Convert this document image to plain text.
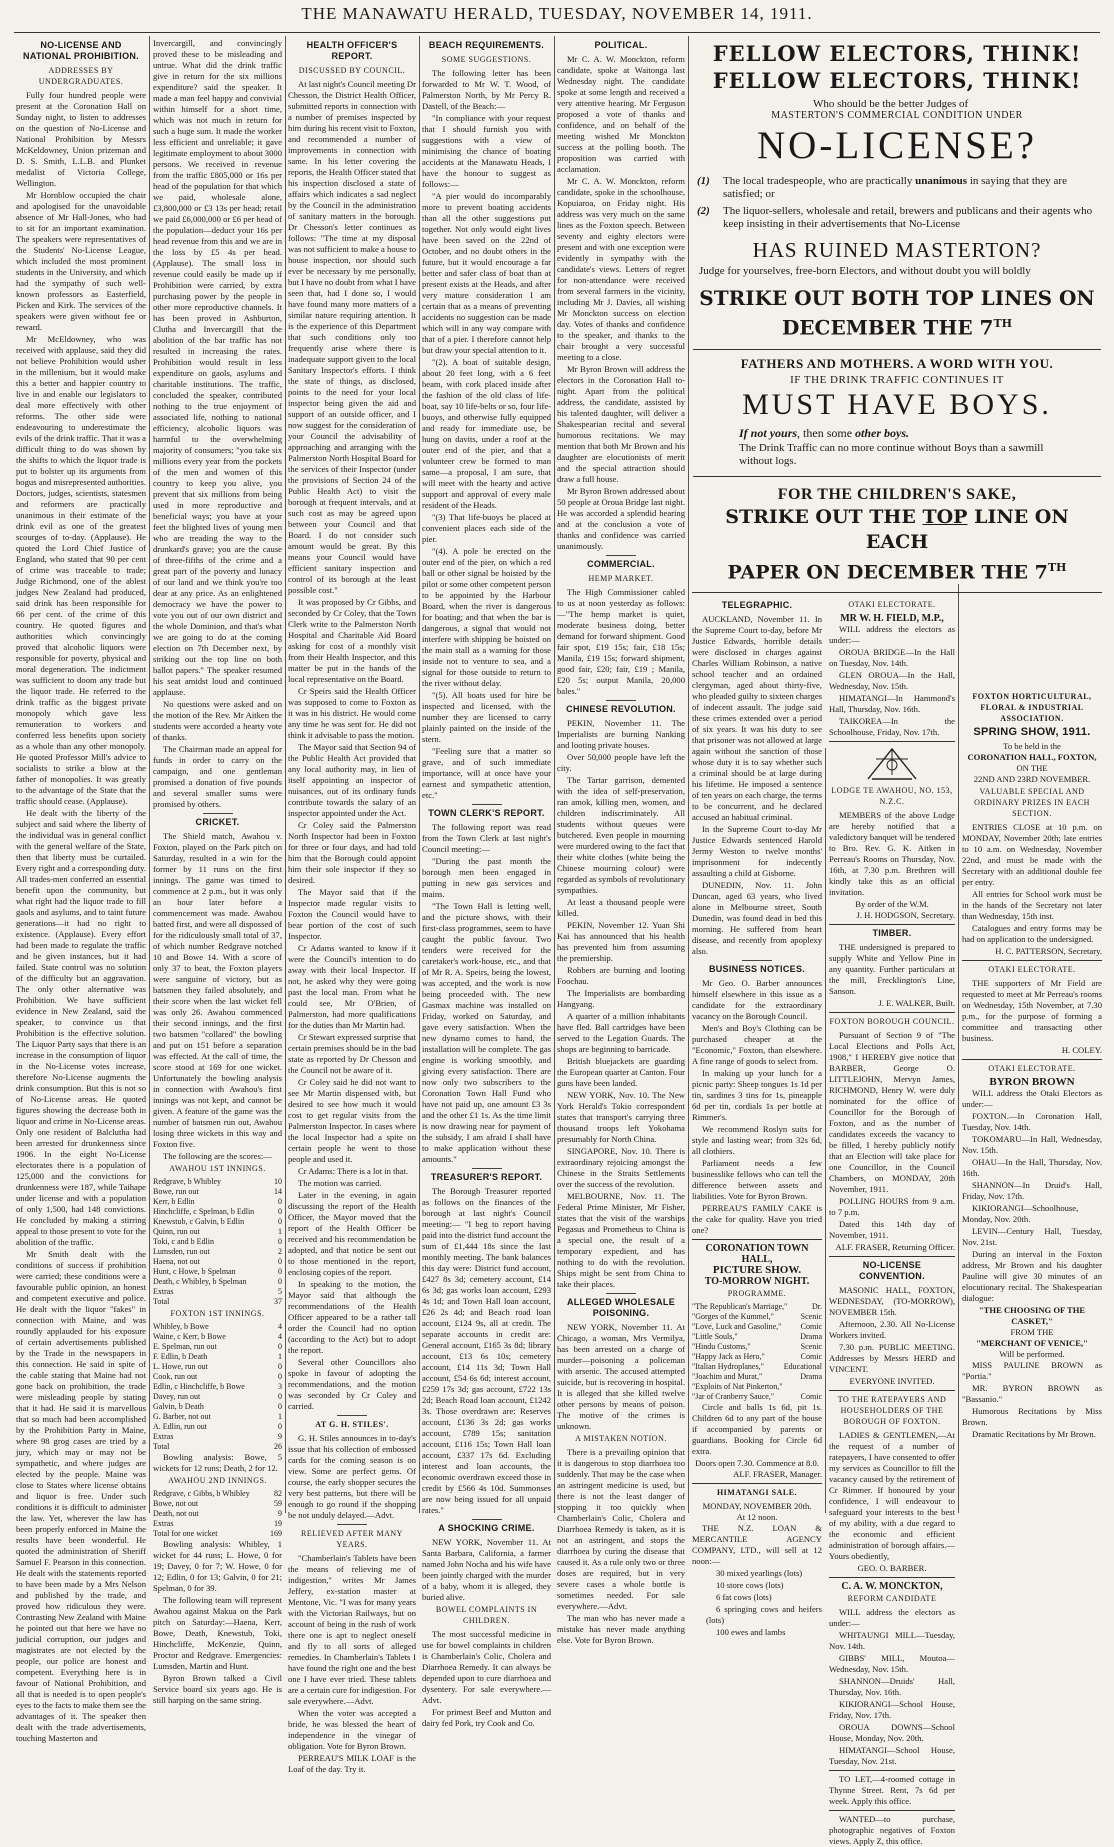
THE MANAWATU HERALD, TUESDAY, NOVEMBER 14, 1911.
NO-LICENSE AND NATIONAL PROHIBITION.
ADDRESSES BY UNDERGRADUATES.

Fully four hundred people were present at the Coronation Hall on Sunday night, to listen to addresses on the question of No-License and National Prohibition by Messrs McKeldowney, Union prizeman and D. S. Smith, L.L.B. and Plunket medalist of Victoria College, Wellington.

Mr Hornblow occupied the chair and apologised for the unavoidable absence of Mr Hall-Jones, who had to sit for an important examination. The speakers were representatives of the Students' No-License League, which included the most prominent students in the University, and which had the sympathy of such well-known professors as Easterfield, Picken and Kirk. The services of the speakers were given without fee or reward.

Mr McEldowney, who was received with applause, said they did not believe Prohibition would usher in the millenium, but it would make this a better and happier country to live in and enable our legislators to deal more effectively with other reforms. The other side were endeavouring to underestimate the evils of the drink traffic. That it was a difficult thing to do was shown by the shifts to which the liquor trade is put to bolster up its arguments from bogus and misrepresented authorities. Doctors, judges, scientists, statesmen and reformers are practically unanimous in their estimate of the drink evil as one of the greatest scourges of to-day. (Applause). He quoted the Lord Chief Justice of England, who stated that 90 per cent of crime was traceable to trade; Judge Richmond, one of the ablest judges New Zealand had produced, said drink has been responsible for 66 per cent. of the crime of this country. He quoted figures and authorities which convincingly proved that alcoholic liquors were responsible for poverty, physical and moral degeneration. The indictment was sufficient to doom any trade but the liquor trade. He referred to the drink traffic as the biggest private monopoly which gave less remuneration to workers and conferred less benefits upon society as a whole than any other monopoly. He quoted Professor Mill's advice to socialists to strike a blow at the father of monopolies. It was greatly to the advantage of the State that the traffic should cease. (Applause).

He dealt with the liberty of the subject and said where the liberty of the individual was in general conflict with the general welfare of the State, then that liberty must be curtailed. Every right and a corresponding duty. All trades-men conferred an essential benefit upon the community, but what right had the liquor trade to fill gaols and asylums, and to taint future generations—it had no right to existence. (Applause). Every effort had been made to regulate the traffic and be given instances, but it had failed. State control was no solution of the difficulty but an aggravation. The only other alternative was Prohibition. We have sufficient evidence in New Zealand, said the speaker, to convince us that Prohibition is the effective solution. The Liquor Party says that there is an increase in the consumption of liquor in the No-License votes increase, therefore No-License augments the drink consumption. But this is not so of No-License areas. He quoted figures showing the decrease both in liquor and crime in No-License areas. Only one resident of Balclutha had been arrested for drunkenness since 1906. In the eight No-License electorates there is a population of 125,000 and the convictions for drunkenness were 187, while Taihape under license and with a population of only 1,500, had 148 convictions. He concluded by making a stirring appeal to those present to vote for the abolition of the traffic.

Mr Smith dealt with the conditions of success if prohibition were carried; these conditions were a favourable public opinion, an honest and competent executive and police. He dealt with the liquor "fakes" in connection with Maine, and was roundly applauded for his exposure of certain advertisements published by the Trade in the newspapers in this connection. He said in spite of the cable stating that Maine had not gone back on prohibition, the trade were misleading people by stating that it had. He said it is marvellous that so much had been accomplished by the Prohibition Party in Maine, where 98 grog cases are tried by a jury, which may or may not be sympathetic, and where judges are elected by the people. Maine was close to States where license obtains and liquor is free. Under such conditions it is difficult to administer the law. Yet, wherever the law has been properly enforced in Maine the results have been wonderful. He quoted the administration of Sheriff Samuel F. Pearson in this connection. He dealt with the statements reported to have been made by a Mrs Nelson and published by the trade, and proved how ridiculous they were. Contrasting New Zealand with Maine he pointed out that here we have no judicial corruption, our judges and magistrates are not elected by the people, our police are honest and competent. Everything here is in favour of National Prohibition, and all that is needed is to open people's eyes to the facts to make them see the advantages of it. The speaker then dealt with the trade advertisements, touching Masterton and

Invercargill, and convincingly proved these to be misleading and untrue. What did the drink traffic give in return for the six millions expenditure? said the speaker. It made a man feel happy and convivial within himself for a short time, which was not much in return for such a huge sum. It made the worker less efficient and unreliable; it gave legitimate employment to about 3000 persons. We received in revenue from the traffic £805,000 or 16s per head of the population for that which we paid, wholesale alone, £3,800,000 or £3 13s per head; retail we paid £6,000,000 or £6 per head of the population—deduct your 16s per head revenue from this and we are in the loss by £5 4s per head. (Applause). The small loss in revenue could easily be made up if Prohibition were carried, by extra purchasing power by the people in other more reproductive channels. It has been proved in Ashburton, Clutha and Invercargill that the abolition of the bar traffic has not resulted in increasing the rates. Prohibition would result in less expenditure on gaols, asylums and charitable institutions. The traffic, concluded the speaker, contributed nothing to the true enjoyment of associated life, nothing to national efficiency, alcoholic liquors was harmful to the overwhelming majority of consumers; "you take six millions every year from the pockets of the men and women of this country to keep you alive, you prevent that six millions from being used in more reproductive and beneficial ways; you have at your feet the blighted lives of young men who are treading the way to the drunkard's grave; you are the cause of three-fifths of the crime and a great part of the poverty and lunacy of our land and we think you're too dear at any price. As an enlightened democracy we have the power to vote you out of our own district and the whole Dominion, and that's what we are going to do at the coming election on 7th December next, by striking out the top line on both ballot papers." The speaker resumed his seat amidst loud and continued applause.

No questions were asked and on the motion of the Rev. Mr Aitken the students were accorded a hearty vote of thanks.

The Chairman made an appeal for funds in order to carry on the campaign, and one gentleman promised a donation of five pounds and several smaller sums were promised by others.

CRICKET.

The Shield match, Awahou v. Foxton, played on the Park pitch on Saturday, resulted in a win for the former by 11 runs on the first innings. The game was timed to commence at 2 p.m., but it was only an hour later before a commencement was made. Awahou batted first, and were all dispossed of for the ridiculously small total of 37, of which number Redgrave notched 10 and Bowe 14. With a score of only 37 to beat, the Foxton players were sanguine of victory, but as batsmen they failed absolutely, and their score when the last wicket fell was only 26. Awahou commenced their second innings, and the first two batsmen "collared" the bowling and put on 151 before a separation was effected. At the call of time, the score stood at 169 for one wicket. Unfortunately the bowling analysis in connection with Awahou's first innings was not kept, and cannot be given. A feature of the game was the number of batsmen run out, Awahou losing three wickets in this way and Foxton five.

The following are the scores:—

AWAHOU 1ST INNINGS.
Redgrave, b Whibley	10
Bowe, run out	14
Kerr, b Edlin	0
Hinchcliffe, c Spelman, b Edlin	0
Knewstub, c Galvin, b Edlin	0
Quinn, run out	1
Toki, c and b Edlin	0
Lumsden, run out	2
Haena, not out	0
Hunt, c Howe, b Spelman	0
Death, c Whibley, b Spelman	0
Extras	5
Total	37
FOXTON 1ST INNINGS.
Whibley, b Bowe	4
Waine, c Kerr, b Bowe	4
E. Spelman, run out	0
F. Edlin, b Death	1
L. Howe, run out	0
Cook, run out	0
Edlin, c Hinchcliffe, b Bowe	3
Davey, run out	0
Galvin, b Death	0
G. Barber, not out	1
A. Edlin, run out	0
Extras	9
Total	26

Bowling analysis: Bowe, 5 wickets for 12 runs; Death, 2 for 12.

AWAHOU 2ND INNINGS.
Redgrave, c Gibbs, b Whibley	82
Bowe, not out	59
Death, not out	9
Extras	19
Total for one wicket	169

Bowling analysis: Whibley, 1 wicket for 44 runs; L. Howe, 0 for 19; Davey, 0 for 7; W. Howe, 0 for 12; Edlin, 0 for 13; Galvin, 0 for 21; Spelman, 0 for 39.

The following team will represent Awahou against Makua on the Park pitch on Saturday:—Haena, Kerr, Bowe, Death, Knewstub, Toki, Hinchcliffe, McKenzie, Quinn, Proctor and Redgrave. Emergencies: Lumsden, Martin and Hunt.

Byron Brown talked a Civil Service board six years ago. He is still harping on the same string.

HEALTH OFFICER'S REPORT.
DISCUSSED BY COUNCIL.

At last night's Council meeting Dr Chesson, the District Health Officer, submitted reports in connection with a number of premises inspected by him during his recent visit to Foxton, and recommended a number of improvements in connection with same. In his letter covering the reports, the Health Officer stated that his inspection disclosed a state of affairs which indicates a sad neglect by the Council in the administration of sanitary matters in the borough. Dr Chesson's letter continues as follows: "The time at my disposal was not sufficient to make a house to house inspection, nor should such ever be necessary by me personally, but I have no doubt from what I have seen that, had I done so, I would have found many more matters of a similar nature requiring attention. It is the experience of this Department that such conditions only too frequently arise where there is inadequate support given to the local Sanitary Inspector's efforts. I think the state of things, as disclosed, points to the need for your local inspector being given the aid and support of an outside officer, and I now suggest for the consideration of your Council the advisability of approaching and arranging with the Palmerston North Hospital Board for the services of their Inspector (under the provisions of Section 24 of the Public Health Act) to visit the borough at frequent intervals, and at such cost as may be agreed upon between your Council and that Board. I do not consider such amount would be great. By this means your Council would have efficient sanitary inspection and control of its borough at the least possible cost."

It was proposed by Cr Gibbs, and seconded by Cr Coley, that the Town Clerk write to the Palmerston North Hospital and Charitable Aid Board asking for cost of a monthly visit from their Health Inspector, and this matter be put in the hands of the local representative on the Board.

Cr Speirs said the Health Officer was supposed to come to Foxton as it was in his district. He would come any time he was sent for. He did not think it advisable to pass the motion.

The Mayor said that Section 94 of the Public Health Act provided that any local authority may, in lieu of itself appointing an inspector of nuisances, out of its ordinary funds contribute towards the salary of an inspector appointed under the Act.

Cr Coley said the Palmerston North Inspector had been in Foxton for three or four days, and had told him that the Borough could appoint him their sole inspector if they so desired.

The Mayor said that if the Inspector made regular visits to Foxton the Council would have to bear portion of the cost of such Inspector.

Cr Adams wanted to know if it were the Council's intention to do away with their local Inspector. If not, he asked why they were going past the local man. From what he could see, Mr O'Brien, of Palmerston, had more qualifications for the duties than Mr Martin had.

Cr Stewart expressed surprise that certain premises should be in the bad state as reported by Dr Chesson and the Council not be aware of it.

Cr Coley said he did not want to see Mr Martin dispensed with, but desired to see how much it would cost to get regular visits from the Palmerston Inspector. In cases where the local Inspector had a spite on certain people he went to those people and used it.

Cr Adams: There is a lot in that.

The motion was carried.

Later in the evening, in again discussing the report of the Health Officer, the Mayor moved that the report of the Health Officer be received and his recommendation be adopted, and that notice be sent out to those mentioned in the report, enclosing copies of the report.

In speaking to the motion, the Mayor said that although the recommendations of the Health Officer appeared to be a rather tall order the Council had no option (according to the Act) but to adopt the report.

Several other Councillors also spoke in favour of adopting the recommendations, and the motion was seconded by Cr Coley and carried.

AT G. H. STILES'.

G. H. Stiles announces in to-day's issue that his collection of embossed cards for the coming season is on view. Some are perfect gems. Of course, the early shopper secures the very best patterns, but there will be enough to go round if the shopping be not unduly delayed.—Advt.

RELIEVED AFTER MANY YEARS.

"Chamberlain's Tablets have been the means of relieving me of indigestion," writes Mr James Jeffery, ex-station master at Mentone, Vic. "I was for many years with the Victorian Railways, but on account of being in the rush of work there one is apt to neglect oneself and fly to all sorts of alleged remedies. In Chamberlain's Tablets I have found the right one and the best one I have ever tried. These tablets are a certain cure for indigestion. For sale everywhere.—Advt.

When the voter was accepted a bride, he was blessed the heart of independence in the vinegar of obligation. Vote for Byron Brown.

PERREAU'S MILK LOAF is the Loaf of the day. Try it.

BEACH REQUIREMENTS.
SOME SUGGESTIONS.

The following letter has been forwarded to Mr W. T. Wood, of Palmerston North, by Mr Percy R. Dastell, of the Beach:—

"In compliance with your request that I should furnish you with suggestions with a view of minimising the chance of boating accidents at the Manawatu Heads, I have the honour to suggest as follows:—

"A pier would do incomparably more to prevent boating accidents than all the other suggestions put together. Not only would eight lives have been saved on the 22nd of October, and no doubt others in the future, but it would encourage a far better and safer class of boat than at present exists at the Heads, and after very mature consideration I am certain that as a means of preventing accidents no suggestion can be made which will in any way compare with that of a pier. I therefore cannot help but draw your special attention to it.

"(2). A boat of suitable design, about 20 feet long, with a 6 feet beam, with cork placed inside after the fashion of the old class of life-boat, say 10 life-belts or so, four life-buoys, and otherwise fully equipped and ready for immediate use, be hung on davits, under a roof at the outer end of the pier, and that a volunteer crew be formed to man same—a proposal, I am sure, that will meet with the hearty and active support and approval of every male resident of the Heads.

"(3) That life-buoys be placed at convenient places each side of the pier.

"(4). A pole be erected on the outer end of the pier, on which a red ball or other signal be hoisted by the pilot or some other competent person to be appointed by the Harbour Board, when the river is dangerous for boating; and that when the bar is dangerous, a signal that would not interfere with shipping be hoisted on the main stall as a warning for those inside not to venture to sea, and a signal for those outside to return to the river without delay.

"(5). All boats used for hire be inspected and licensed, with the number they are licensed to carry plainly painted on the inside of the stern.

"Feeling sure that a matter so grave, and of such immediate importance, will at once have your earnest and sympathetic attention, etc."

TOWN CLERK'S REPORT.

The following report was read from the Town Clerk at last night's Council meeting:—

"During the past month the borough men been engaged in putting in new gas services and mains.

"The Town Hall is letting well, and the picture shows, with their first-class programmes, seem to have caught the public favour. Two tenders were received for the caretaker's work-house, etc., and that of Mr R. A. Speirs, being the lowest, was accepted, and the work is now being proceeded with. The new Gasmax machine was installed on Friday, worked on Saturday, and gave every satisfaction. When the new dynamo comes to hand, the installation will be complete. The gas engine is working smoothly, and giving every satisfaction. There are now only two subscribers to the Coronation Town Hall Fund who have not paid up, one amount £3 3s and the other £1 1s. As the time limit is now drawing near for payment of the subsidy, I am afraid I shall have to make application without these amounts."

TREASURER'S REPORT.

The Borough Treasurer reported as follows on the finances of the borough at last night's Council meeting:— "I beg to report having paid into the district fund account the sum of £1,444 18s since the last monthly meeting. The bank balances this day were: District fund account, £427 8s 3d; cemetery account, £14 6s 3d; gas works loan account, £293 4s 1d; and Town Hall loan account, £26 2s 4d; and Beach road loan account, £124 9s, all at credit. The separate accounts in credit are: General account, £165 3s 8d; library account, £13 6s 10s; cemetery account, £14 11s 3d; Town Hall account, £54 6s 6d; interest account, £259 17s 3d; gas account, £722 13s 2d; Beach Road loan account, £1242 3s. Those overdrawn are: Reserves account, £136 3s 2d; gas works account, £789 15s; sanitation account, £116 15s; Town Hall loan account, £337 17s 6d. Excluding interest and loan accounts, the economic overdrawn exceed those in credit by £566 4s 10d. Summonses are now being issued for all unpaid rates."

A SHOCKING CRIME.

NEW YORK, November 11. At Santa Barbara, California, a farmer named John Nocha and his wife have been jointly charged with the murder of a baby, whom it is alleged, they buried alive.

BOWEL COMPLAINTS IN CHILDREN.

The most successful medicine in use for bowel complaints in children is Chamberlain's Colic, Cholera and Diarrhoea Remedy. It can always be depended upon to cure diarrhoea and dysentery. For sale everywhere.—Advt.

For primest Beef and Mutton and dairy fed Pork, try Cook and Co.

POLITICAL.

Mr C. A. W. Monckton, reform candidate, spoke at Waitonga last Wednesday night. The candidate spoke at some length and received a very attentive hearing. Mr Ferguson proposed a vote of thanks and confidence, and on behalf of the meeting wished Mr Monckton success at the polling booth. The proposition was carried with acclamation.

Mr C. A. W. Monckton, reform candidate, spoke in the schoolhouse, Kopuiaroa, on Friday night. His address was very much on the same lines as the Foxton speech. Between seventy and eighty electors were present and with one exception were evidently in sympathy with the candidate's views. Letters of regret for non-attendance were received from several farmers in the vicinity, including Mr J. Davies, all wishing Mr Monckton success on election day. Votes of thanks and confidence to the speaker, and thanks to the chair brought a very successful meeting to a close.

Mr Byron Brown will address the electors in the Coronation Hall to-night. Apart from the political address, the candidate, assisted by his talented daughter, will deliver a Shakespearian recital and several humorous recitations. We may mention that both Mr Brown and his daughter are elocutionists of merit and the special attraction should draw a full house.

Mr Byron Brown addressed about 50 people at Oroua Bridge last night. He was accorded a splendid hearing and at the conclusion a vote of thanks and confidence was carried unanimously.

COMMERCIAL.
HEMP MARKET.

The High Commissioner cabled to us at noon yesterday as follows:—"The hemp market is quiet, moderate business doing, better demand for forward shipment. Good fair spot, £19 15s; fair, £18 15s; Manila, £19 15s; forward shipment, good fair, £20; fair, £19 ; Manila, £20 5s; output Manila, 20,000 bales."

CHINESE REVOLUTION.

PEKIN, November 11. The Imperialists are burning Nanking and looting private houses.

Over 50,000 people have left the city.

The Tartar garrison, demented with the idea of self-preservation, ran amok, killing men, women, and children indiscriminately. All students without queues were butchered. Even people in mourning were murdered owing to the fact that their white clothes (white being the Chinese mourning colour) were regarded as symbols of revolutionary sympathies.

At least a thousand people were killed.

PEKIN, November 12. Yuan Shi Kai has announced that his health has prevented him from assuming the premiership.

Robbers are burning and looting Foochau.

The Imperialists are bombarding Hangyang.

A quarter of a million inhabitants have fled. Ball cartridges have been served to the Legation Guards. The shops are beginning to barricade.

British bluejackets are guarding the European quarter at Canton. Four guns have been landed.

NEW YORK, Nov. 10. The New York Herald's Tokio correspondent states that transport's carrying three thousand troops left Yokohama presumably for North China.

SINGAPORE, Nov. 10. There is extraordinary rejoicing amongst the Chinese in the Straits Settlements over the success of the revolution.

MELBOURNE, Nov. 11. The Federal Prime Minister, Mr Fisher, states that the visit of the warships Pegasus and Prometheus to China is a special one, the result of a temporary expedient, and has nothing to do with the revolution. Ships might be sent from China to take their places.

ALLEGED WHOLESALE POISONING.

NEW YORK, November 11. At Chicago, a woman, Mrs Vermilya, has been arrested on a charge of murder—poisoning a policeman with arsenic. The accused attempted suicide, but is recovering in hospital. It is alleged that she killed twelve other persons by means of poison. The motive of the crimes is unknown.

A MISTAKEN NOTION.

There is a prevailing opinion that it is dangerous to stop diarrhoea too suddenly. That may be the case when an astringent medicine is used, but there is not the least danger of stopping it too quickly when Chamberlain's Colic, Cholera and Diarrhoea Remedy is taken, as it is not an astringent, and stops the diarrhoea by curing the disease that caused it. As a rule only two or three doses are required, but in very severe cases a whole bottle is sometimes needed. For sale everywhere.—Advt.

The man who has never made a mistake has never made anything else. Vote for Byron Brown.

FELLOW ELECTORS, THINK!
FELLOW ELECTORS, THINK!
Who should be the better Judges of
MASTERTON'S COMMERCIAL CONDITION UNDER
NO-LICENSE?
(1)	The local tradespeople, who are practically unanimous in saying that they are satisfied; or
(2)	The liquor-sellers, wholesale and retail, brewers and publicans and their agents who keep insisting in their advertisements that No-License
HAS RUINED MASTERTON?
Judge for yourselves, free-born Electors, and without doubt you will boldly
STRIKE OUT BOTH TOP LINES ON
DECEMBER THE 7TH
FATHERS AND MOTHERS. A WORD WITH YOU.
IF THE DRINK TRAFFIC CONTINUES IT
MUST HAVE BOYS.
If not yours, then some other boys.
The Drink Traffic can no more continue without Boys than a sawmill without logs.
FOR THE CHILDREN'S SAKE,
STRIKE OUT THE TOP LINE ON EACH
PAPER ON DECEMBER THE 7TH
TELEGRAPHIC.

AUCKLAND, November 11. In the Supreme Court to-day, before Mr Justice Edwards, horrible details were disclosed in charges against Charles William Robinson, a native school teacher and an ordained clergyman, aged about thirty-five, who pleaded guilty to sixteen charges of indecent assault. The judge said these crimes extended over a period of six years. It was his duty to see that prisoner was not allowed at large again without the sanction of those whose duty it is to say whether such a criminal should be at large during his lifetime. He imposed a sentence of ten years on each charge, the terms to be concurrent, and he declared accused an habitual criminal.

In the Supreme Court to-day Mr Justice Edwards sentenced Harold Jermy Weston to twelve months' imprisonment for indecently assaulting a child at Gisborne.

DUNEDIN, Nov. 11. John Duncan, aged 63 years, who lived alone in Melbourne street, South Dunedin, was found dead in bed this morning. He suffered from heart disease, and recently from apoplexy also.

BUSINESS NOTICES.

Mr Geo. O. Barber announces himself elsewhere in this issue as a candidate for the extraordinary vacancy on the Borough Council.

Men's and Boy's Clothing can be purchased cheaper at the "Economic," Foxton, than elsewhere. A fine range of goods to select from.

In making up your lunch for a picnic party: Sheep tongues 1s 1d per tin, sardines 3 tins for 1s, pineapple 6d per tin, cordials 1s per bottle at Rimmer's.

We recommend Roslyn suits for style and lasting wear; from 32s 6d, all clothiers.

Parliament needs a few businesslike fellows who can tell the difference between assets and liabilities. Vote for Byron Brown.

PERREAU'S FAMILY CAKE is the cake for quality. Have you tried one?

CORONATION TOWN HALL,
PICTURE SHOW.
TO-MORROW NIGHT.
PROGRAMME.
"The Republican's Marriage,"	Dr.
"Gorges of the Kummel,"	Scenic
"Love, Luck and Gasoline," Comic
"Little Souls,"	Drama
"Hindu Customs,"	Scenic
"Happy Jack as Hero,"	Comic
"Italian Hydroplanes," Educational
"Joachim and Murat,"	Drama
"Exploits of Nat Pinkerton,"
"Jar of Cranberry Sauce,"	Comic

Circle and balls 1s 6d, pit 1s. Children 6d to any part of the house if accompanied by parents or guardians. Booking for Circle 6d extra.

Doors open 7.30. Commence at 8.0.
ALF. FRASER, Manager.
HIMATANGI SALE.
MONDAY, NOVEMBER 20th.
At 12 noon.

THE N.Z. LOAN & MERCANTILE AGENCY COMPANY, LTD., will sell at 12 noon:—

30 mixed yearlings (lots)

10 store cows (lots)

6 fat cows (lots)

6 springing cows and heifers (lots)

100 ewes and lambs

OTAKI ELECTORATE.
MR W. H. FIELD, M.P.,

WILL address the electors as under:—

OROUA BRIDGE—In the Hall on Tuesday, Nov. 14th.

GLEN OROUA—In the Hall, Wednesday, Nov. 15th.

HIMATANGI—In Hammond's Hall, Thursday, Nov. 16th.

TAIKOREA—In the Schoolhouse, Friday, Nov. 17th.

LODGE TE AWAHOU, NO. 153, N.Z.C.

MEMBERS of the above Lodge are hereby notified that a valedictory banquet will be tendered to Bro. Rev. G. K. Aitken in Perreau's Rooms on Thursday, Nov. 16th, at 7.30 p.m. Brethren will kindly take this as an official invitation.

By order of the W.M.
J. H. HODGSON, Secretary.
TIMBER.

THE undersigned is prepared to supply White and Yellow Pine in any quantity. Further particulars at the mill, Frecklington's Line, Sanson.

J. E. WALKER, Built.
FOXTON BOROUGH COUNCIL.

Pursuant of Section 9 of "The Local Elections and Polls Act, 1908," I HEREBY give notice that BARBER, George O. LITTLEJOHN, Mervyn James, RICHMOND, Henry W. were duly nominated for the office of Councillor for the Borough of Foxton, and as the number of candidates exceeds the vacancy to be filled, I hereby publicly notify that an Election will take place for one Councillor, in the Council Chambers, on MONDAY, 20th November, 1911.

POLLING HOURS from 9 a.m. to 7 p.m.

Dated this 14th day of November, 1911.

ALF. FRASER, Returning Officer.
NO-LICENSE CONVENTION.

MASONIC HALL, FOXTON, WEDNESDAY, (TO-MORROW), NOVEMBER 15th.

Afternoon, 2.30. All No-License Workers invited.

7.30 p.m. PUBLIC MEETING. Addresses by Messrs HERD and VINCENT.

EVERYONE INVITED.
TO THE RATEPAYERS AND HOUSEHOLDERS OF THE BOROUGH OF FOXTON.

LADIES & GENTLEMEN,—At the request of a number of ratepayers, I have consented to offer my services as Councillor to fill the vacancy caused by the retirement of Cr Rimmer. If honoured by your confidence, I will endeavour to safeguard your interests to the best of my ability, with a due regard to the economic and efficient administration of borough affairs.—Yours obediently,

GEO. O. BARBER.
C. A. W. MONCKTON,
REFORM CANDIDATE

WILL address the electors as under:—

WHITAUNGI MILL—Tuesday, Nov. 14th.

GIBBS' MILL, Moutoa—Wednesday, Nov. 15th.

SHANNON—Druids' Hall, Thursday, Nov. 16th.

KIKIORANGI—School House, Friday, Nov. 17th.

OROUA DOWNS—School House, Monday, Nov. 20th.

HIMATANGI—School House, Tuesday, Nov. 21st.

TO LET,—4-roomed cottage in Thynne Street. Rent, 7s 6d per week. Apply this office.

WANTED—to purchase, photographic negatives of Foxton views. Apply Z, this office.

FOXTON HORTICULTURAL, FLORAL & INDUSTRIAL ASSOCIATION.
SPRING SHOW, 1911.
To be held in the
CORONATION HALL, FOXTON,
ON THE
22ND AND 23RD NOVEMBER.
VALUABLE SPECIAL AND ORDINARY PRIZES IN EACH SECTION.

ENTRIES CLOSE at 10 p.m. on MONDAY, November 20th; late entries to 10 a.m. on Wednesday, November 22nd, and must be made with the Secretary with an additional double fee per entry.

All entries for School work must be in the hands of the Secretary not later than Wednesday, 15th inst.

Catalogues and entry forms may be had on application to the undersigned.

H. C. PATTERSON, Secretary.
OTAKI ELECTORATE.

THE supporters of Mr Field are requested to meet at Mr Perreau's rooms on Wednesday, 15th November, at 7.30 p.m., for the purpose of forming a committee and transacting other business.

H. COLEY.
OTAKI ELECTORATE.
BYRON BROWN

WILL address the Otaki Electors as under:—

FOXTON.—In Coronation Hall, Tuesday, Nov. 14th.

TOKOMARU—In Hall, Wednesday, Nov. 15th.

OHAU—In the Hall, Thursday, Nov. 16th.

SHANNON—In Druid's Hall, Friday, Nov. 17th.

KIKIORANGI—Schoolhouse, Monday, Nov. 20th.

LEVIN—Century Hall, Tuesday, Nov. 21st.

During an interval in the Foxton address, Mr Brown and his daughter Pauline will give 30 minutes of an elocutionary recital. The Shakespearian dialogue:

"THE CHOOSING OF THE CASKET,"
FROM THE
"MERCHANT OF VENICE,"
Will be performed.

MISS PAULINE BROWN as "Portia."

MR. BYRON BROWN as "Bassanio."

Humorous Recitations by Miss Brown.

Dramatic Recitations by Mr Brown.
